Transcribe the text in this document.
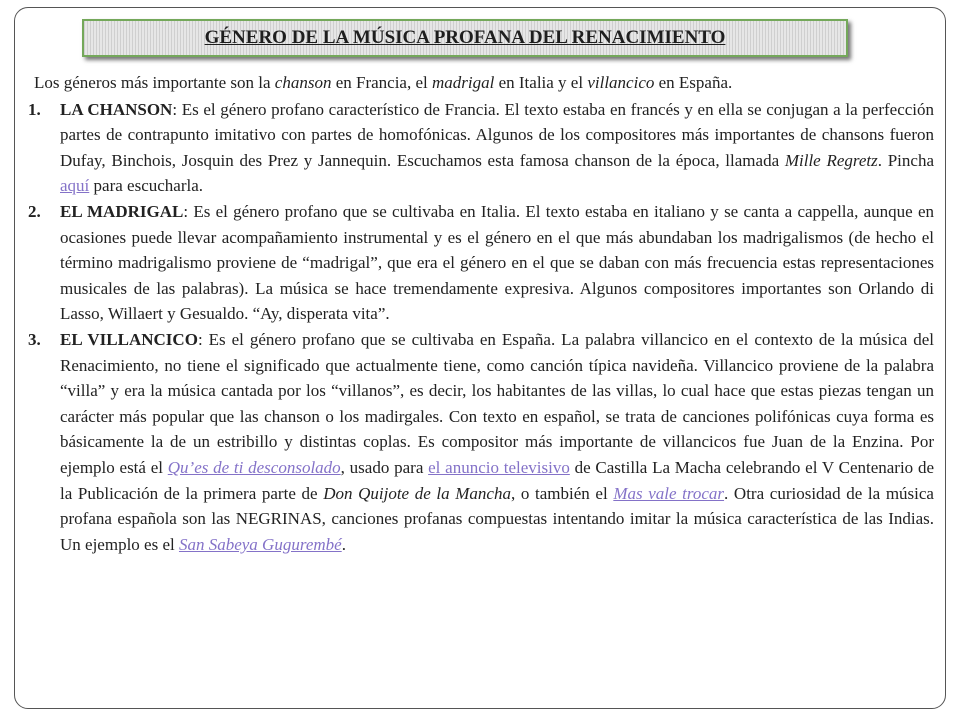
GÉNERO DE LA MÚSICA PROFANA DEL RENACIMIENTO

Los géneros más importante son la chanson en Francia, el madrigal en Italia y el villancico en España.

1. LA CHANSON: Es el género profano característico de Francia. El texto estaba en francés y en ella se conjugan a la perfección partes de contrapunto imitativo con partes de homofónicas. Algunos de los compositores más importantes de chansons fueron Dufay, Binchois, Josquin des Prez y Jannequin. Escuchamos esta famosa chanson de la época, llamada Mille Regretz. Pincha aquí para escucharla.
2. EL MADRIGAL: Es el género profano que se cultivaba en Italia. El texto estaba en italiano y se canta a cappella, aunque en ocasiones puede llevar acompañamiento instrumental y es el género en el que más abundaban los madrigalismos (de hecho el término madrigalismo proviene de “madrigal”, que era el género en el que se daban con más frecuencia estas representaciones musicales de las palabras). La música se hace tremendamente expresiva. Algunos compositores importantes son Orlando di Lasso, Willaert y Gesualdo. “Ay, disperata vita”.
3. EL VILLANCICO: Es el género profano que se cultivaba en España. La palabra villancico en el contexto de la música del Renacimiento, no tiene el significado que actualmente tiene, como canción típica navideña. Villancico proviene de la palabra “villa” y era la música cantada por los “villanos”, es decir, los habitantes de las villas, lo cual hace que estas piezas tengan un carácter más popular que las chanson o los madirgales. Con texto en español, se trata de canciones polifónicas cuya forma es básicamente la de un estribillo y distintas coplas. Es compositor más importante de villancicos fue Juan de la Enzina. Por ejemplo está el Qu’es de ti desconsolado, usado para el anuncio televisivo de Castilla La Macha celebrando el V Centenario de la Publicación de la primera parte de Don Quijote de la Mancha, o también el Mas vale trocar. Otra curiosidad de la música profana española son las NEGRINAS, canciones profanas compuestas intentando imitar la música característica de las Indias. Un ejemplo es el San Sabeya Gugurembé.
